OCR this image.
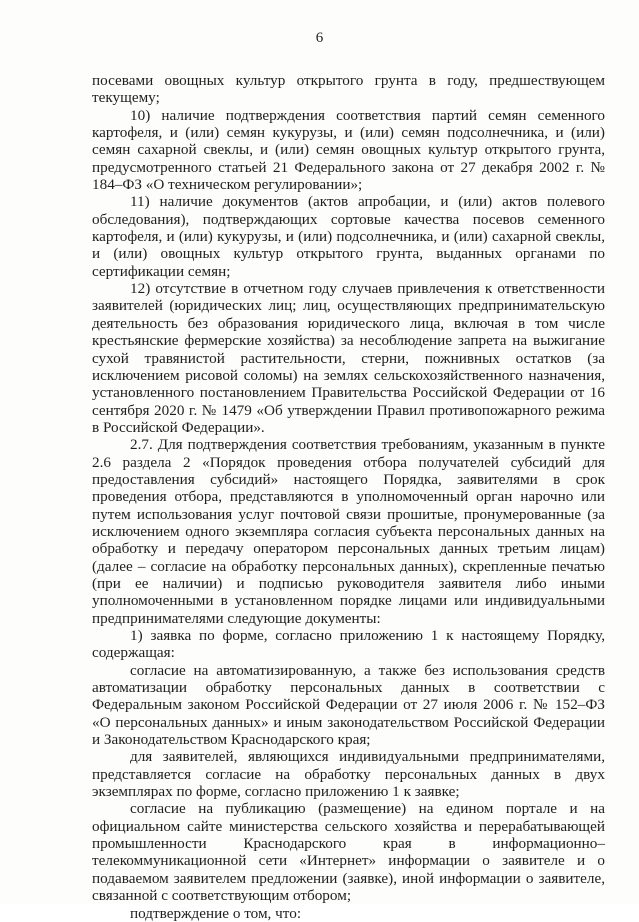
6

посевами овощных культур открытого грунта в году, предшествующем текущему;

10) наличие подтверждения соответствия партий семян семенного картофеля, и (или) семян кукурузы, и (или) семян подсолнечника, и (или) семян сахарной свеклы, и (или) семян овощных культур открытого грунта, предусмотренного статьей 21 Федерального закона от 27 декабря 2002 г. № 184–ФЗ «О техническом регулировании»;

11) наличие документов (актов апробации, и (или) актов полевого обследования), подтверждающих сортовые качества посевов семенного картофеля, и (или) кукурузы, и (или) подсолнечника, и (или) сахарной свеклы, и (или) овощных культур открытого грунта, выданных органами по сертификации семян;

12) отсутствие в отчетном году случаев привлечения к ответственности заявителей (юридических лиц; лиц, осуществляющих предпринимательскую деятельность без образования юридического лица, включая в том числе крестьянские фермерские хозяйства) за несоблюдение запрета на выжигание сухой травянистой растительности, стерни, пожнивных остатков (за исключением рисовой соломы) на землях сельскохозяйственного назначения, установленного постановлением Правительства Российской Федерации от 16 сентября 2020 г. № 1479 «Об утверждении Правил противопожарного режима в Российской Федерации».

2.7. Для подтверждения соответствия требованиям, указанным в пункте 2.6 раздела 2 «Порядок проведения отбора получателей субсидий для предоставления субсидий» настоящего Порядка, заявителями в срок проведения отбора, представляются в уполномоченный орган нарочно или путем использования услуг почтовой связи прошитые, пронумерованные (за исключением одного экземпляра согласия субъекта персональных данных на обработку и передачу оператором персональных данных третьим лицам) (далее – согласие на обработку персональных данных), скрепленные печатью (при ее наличии) и подписью руководителя заявителя либо иными уполномоченными в установленном порядке лицами или индивидуальными предпринимателями следующие документы:

1) заявка по форме, согласно приложению 1 к настоящему Порядку, содержащая:

согласие на автоматизированную, а также без использования средств автоматизации обработку персональных данных в соответствии с Федеральным законом Российской Федерации от 27 июля 2006 г. № 152–ФЗ «О персональных данных» и иным законодательством Российской Федерации и Законодательством Краснодарского края;

для заявителей, являющихся индивидуальными предпринимателями, представляется согласие на обработку персональных данных в двух экземплярах по форме, согласно приложению 1 к заявке;

согласие на публикацию (размещение) на едином портале и на официальном сайте министерства сельского хозяйства и перерабатывающей промышленности Краснодарского края в информационно–телекоммуникационной сети «Интернет» информации о заявителе и о подаваемом заявителем предложении (заявке), иной информации о заявителе, связанной с соответствующим отбором;

подтверждение о том, что:
